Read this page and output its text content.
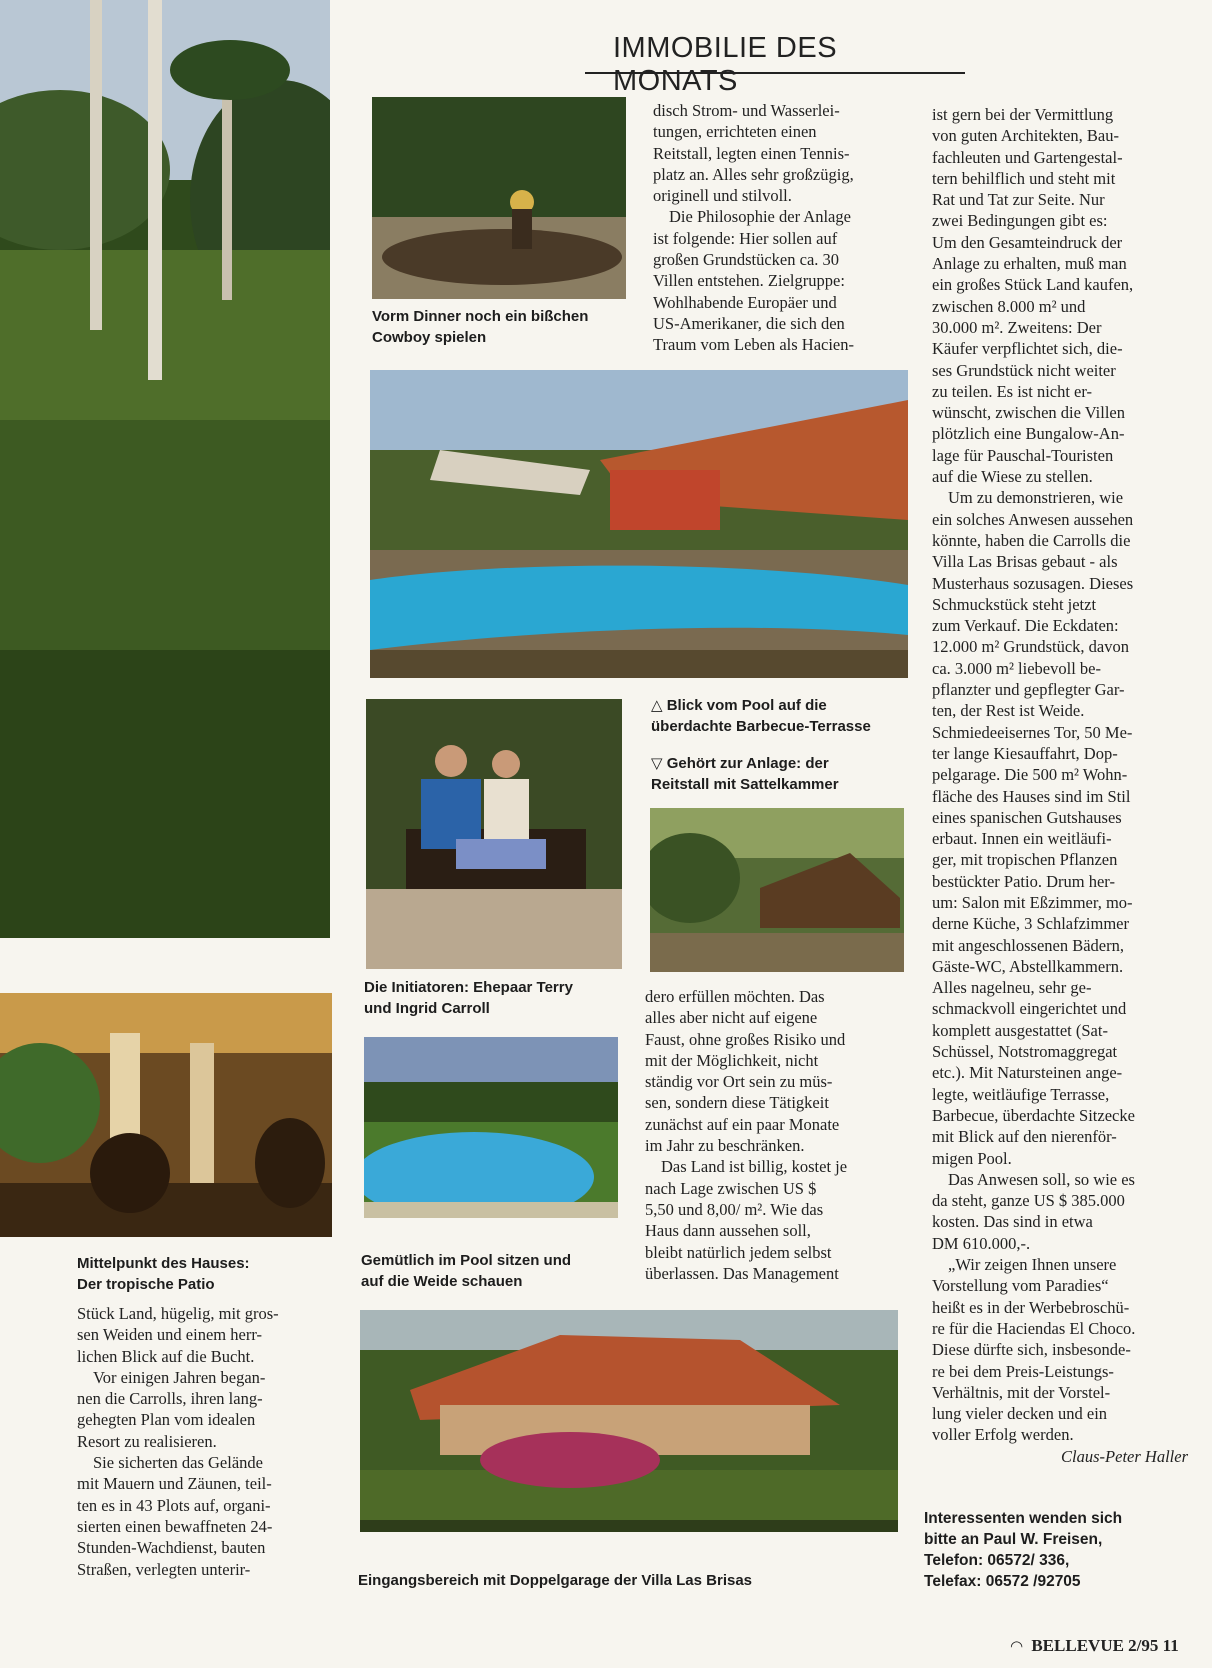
IMMOBILIE DES MONATS
Vorm Dinner noch ein bißchen
Cowboy spielen
△ Blick vom Pool auf die
überdachte Barbecue-Terrasse
▽ Gehört zur Anlage: der
Reitstall mit Sattelkammer
Die Initiatoren: Ehepaar Terry
und Ingrid Carroll
Mittelpunkt des Hauses:
Der tropische Patio
Gemütlich im Pool sitzen und
auf die Weide schauen
Eingangsbereich mit Doppelgarage der Villa Las Brisas

Stück Land, hügelig, mit gros-
sen Weiden und einem herr-
lichen Blick auf die Bucht.

Vor einigen Jahren began-
nen die Carrolls, ihren lang-
gehegten Plan vom idealen
Resort zu realisieren.

Sie sicherten das Gelände
mit Mauern und Zäunen, teil-
ten es in 43 Plots auf, organi-
sierten einen bewaffneten 24-
Stunden-Wachdienst, bauten
Straßen, verlegten unterir-

disch Strom- und Wasserlei-
tungen, errichteten einen
Reitstall, legten einen Tennis-
platz an. Alles sehr großzügig,
originell und stilvoll.

Die Philosophie der Anlage
ist folgende: Hier sollen auf
großen Grundstücken ca. 30
Villen entstehen. Zielgruppe:
Wohlhabende Europäer und
US-Amerikaner, die sich den
Traum vom Leben als Hacien-

dero erfüllen möchten. Das
alles aber nicht auf eigene
Faust, ohne großes Risiko und
mit der Möglichkeit, nicht
ständig vor Ort sein zu müs-
sen, sondern diese Tätigkeit
zunächst auf ein paar Monate
im Jahr zu beschränken.

Das Land ist billig, kostet je
nach Lage zwischen US $
5,50 und 8,00/ m². Wie das
Haus dann aussehen soll,
bleibt natürlich jedem selbst
überlassen. Das Management

ist gern bei der Vermittlung
von guten Architekten, Bau-
fachleuten und Gartengestal-
tern behilflich und steht mit
Rat und Tat zur Seite. Nur
zwei Bedingungen gibt es:
Um den Gesamteindruck der
Anlage zu erhalten, muß man
ein großes Stück Land kaufen,
zwischen 8.000 m² und
30.000 m². Zweitens: Der
Käufer verpflichtet sich, die-
ses Grundstück nicht weiter
zu teilen. Es ist nicht er-
wünscht, zwischen die Villen
plötzlich eine Bungalow-An-
lage für Pauschal-Touristen
auf die Wiese zu stellen.

Um zu demonstrieren, wie
ein solches Anwesen aussehen
könnte, haben die Carrolls die
Villa Las Brisas gebaut - als
Musterhaus sozusagen. Dieses
Schmuckstück steht jetzt
zum Verkauf. Die Eckdaten:
12.000 m² Grundstück, davon
ca. 3.000 m² liebevoll be-
pflanzter und gepflegter Gar-
ten, der Rest ist Weide.
Schmiedeeisernes Tor, 50 Me-
ter lange Kiesauffahrt, Dop-
pelgarage. Die 500 m² Wohn-
fläche des Hauses sind im Stil
eines spanischen Gutshauses
erbaut. Innen ein weitläufi-
ger, mit tropischen Pflanzen
bestückter Patio. Drum her-
um: Salon mit Eßzimmer, mo-
derne Küche, 3 Schlafzimmer
mit angeschlossenen Bädern,
Gäste-WC, Abstellkammern.
Alles nagelneu, sehr ge-
schmackvoll eingerichtet und
komplett ausgestattet (Sat-
Schüssel, Notstromaggregat
etc.). Mit Natursteinen ange-
legte, weitläufige Terrasse,
Barbecue, überdachte Sitzecke
mit Blick auf den nierenför-
migen Pool.

Das Anwesen soll, so wie es
da steht, ganze US $ 385.000
kosten. Das sind in etwa
DM 610.000,-.

„Wir zeigen Ihnen unsere
Vorstellung vom Paradies“
heißt es in der Werbebroschü-
re für die Haciendas El Choco.
Diese dürfte sich, insbesonde-
re bei dem Preis-Leistungs-
Verhältnis, mit der Vorstel-
lung vieler decken und ein
voller Erfolg werden.

Claus-Peter Haller

Interessenten wenden sich
bitte an Paul W. Freisen,
Telefon: 06572/ 336,
Telefax: 06572 /92705
◠ BELLEVUE 2/95 11
